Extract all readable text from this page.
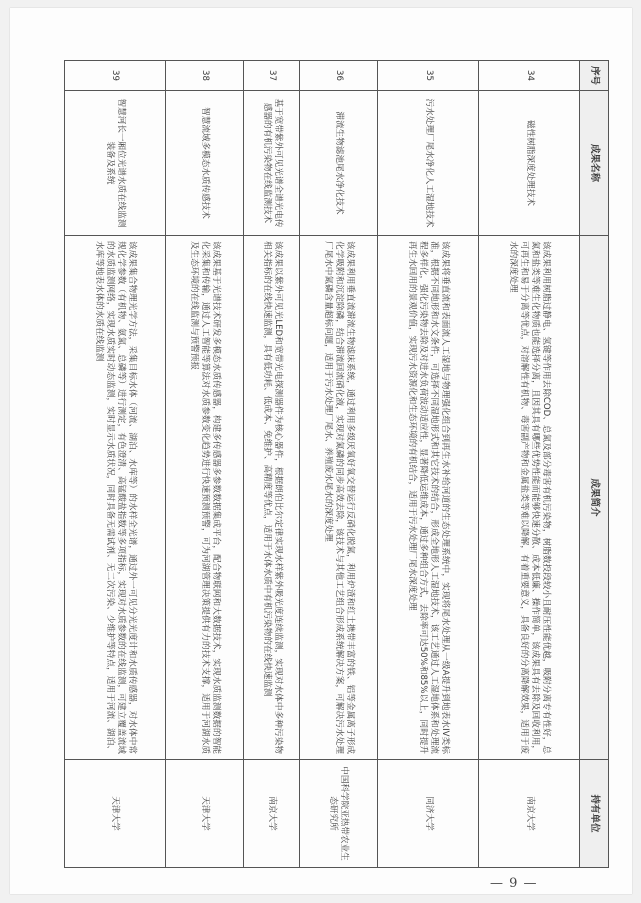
序号	成果名称	成果简介	持有单位
34	磁性树脂深度处理技术	该成果利用树脂过静电、氢键等作用去除COD、总氮及部分毒害有机污染物，树脂数投段较小且耐压性能优越，吸附分离专有性好，总氮和盐类等难生化物质也能选择分离，且因其具有哪些优势性能而能够快速分散、成本低廉、操作简单，该成果具有去除及回收利用，可再生和易于分离等优点，对溶解性有机物、毒害副产物和金属盐类等难以降解，有着重要意义，具备良好的分离降解效果，适用于废水的深度处理	南京大学
35	污水处理厂尾水净化人工湿地技术	该成果将垂直流和表面流人工湿地与物理强化组合到再生水补给河道的生态处理系统中，实现将尾水处理从一级A提升到地表水IV类标准，根据不同地形和水文条件，可选择不同湿地形式和其它技术的结合，形成全地形人工湿地技术，该工艺通过人工湿地体系和处理流程多样化，强化污染物去除及对进水负荷波动适应性，显著降低运维成本，通过多种组合方式，去除率可达50%和85%以上，同时提升再生水回用的景观价值，实现污水资源化和生态环境的有机结合，适用于污水处理厂尾水深度处理	同济大学
36	滞流生物滤池尾水净化技术	该成果利用垂直流滞流生物滤床系统，通过利用多级厌氧好氧交替运行反硝化脱氮，利用炉渣和红土携带丰富的铁、铝等金属离子形成化学吸附和沉淀除磷，结合滞流回流硝化液，实现对氮磷的同步高效去除，该技术与其他工艺组合形成系统解决方案，可解决污水处理厂尾水中氮磷含量超标问题，适用于污水处理厂尾水、养殖废水尾水的深度处理	中国科学院亚热带农业生态研究所
37	基于宽带紫外可见光谱全谱光电传感器的有机污染物在线监测技术	该成果以紫外可见光LED和宽带光电探测器件为核心器件，根据朗伯比尔定律实现水样紫外吸光度连续监测，实现对水体中多种污染物相关指标的在线快速监测，具有低功耗、低成本、免维护、高精度等优点，适用于水体水质中有机污染物的在线快速监测	南京大学
38	智慧流域多模态水质传感技术	该成果基于光谱技术研发多模态水质传感器，构建多传感器多参数数据集成平台，配合物联网和大数据技术，实现水质监测数据的智能化采集和传输，通过人工智能等算法对水质参数变化趋势进行快速预测预警，可为河湖管理决策提供有力的技术支撑，适用于河湖水质及生态环境的在线监测与预警预报	天津大学
39	智慧河长一厢位光谱水质在线监测装备及系统	该成果集合物理光学方法，采集目标水体（河流、湖泊、水库等）的水样全光谱，通过外一可见分光光度计和水质传感器，对水体中常规化学参数（有机物、氨氮、总磷等）进行测定，有色澄清、高锰酸盐指数等多项指标，实现对水质参数的在线监测，可建立覆盖流域的水质监测网络，实现水质实时动态监测，实时显示水质状况，同时具备无需试剂、无二次污染、少维护等特点，适用于河流、湖泊、水库等地表水体的水质在线监测	天津大学
— 9 —
